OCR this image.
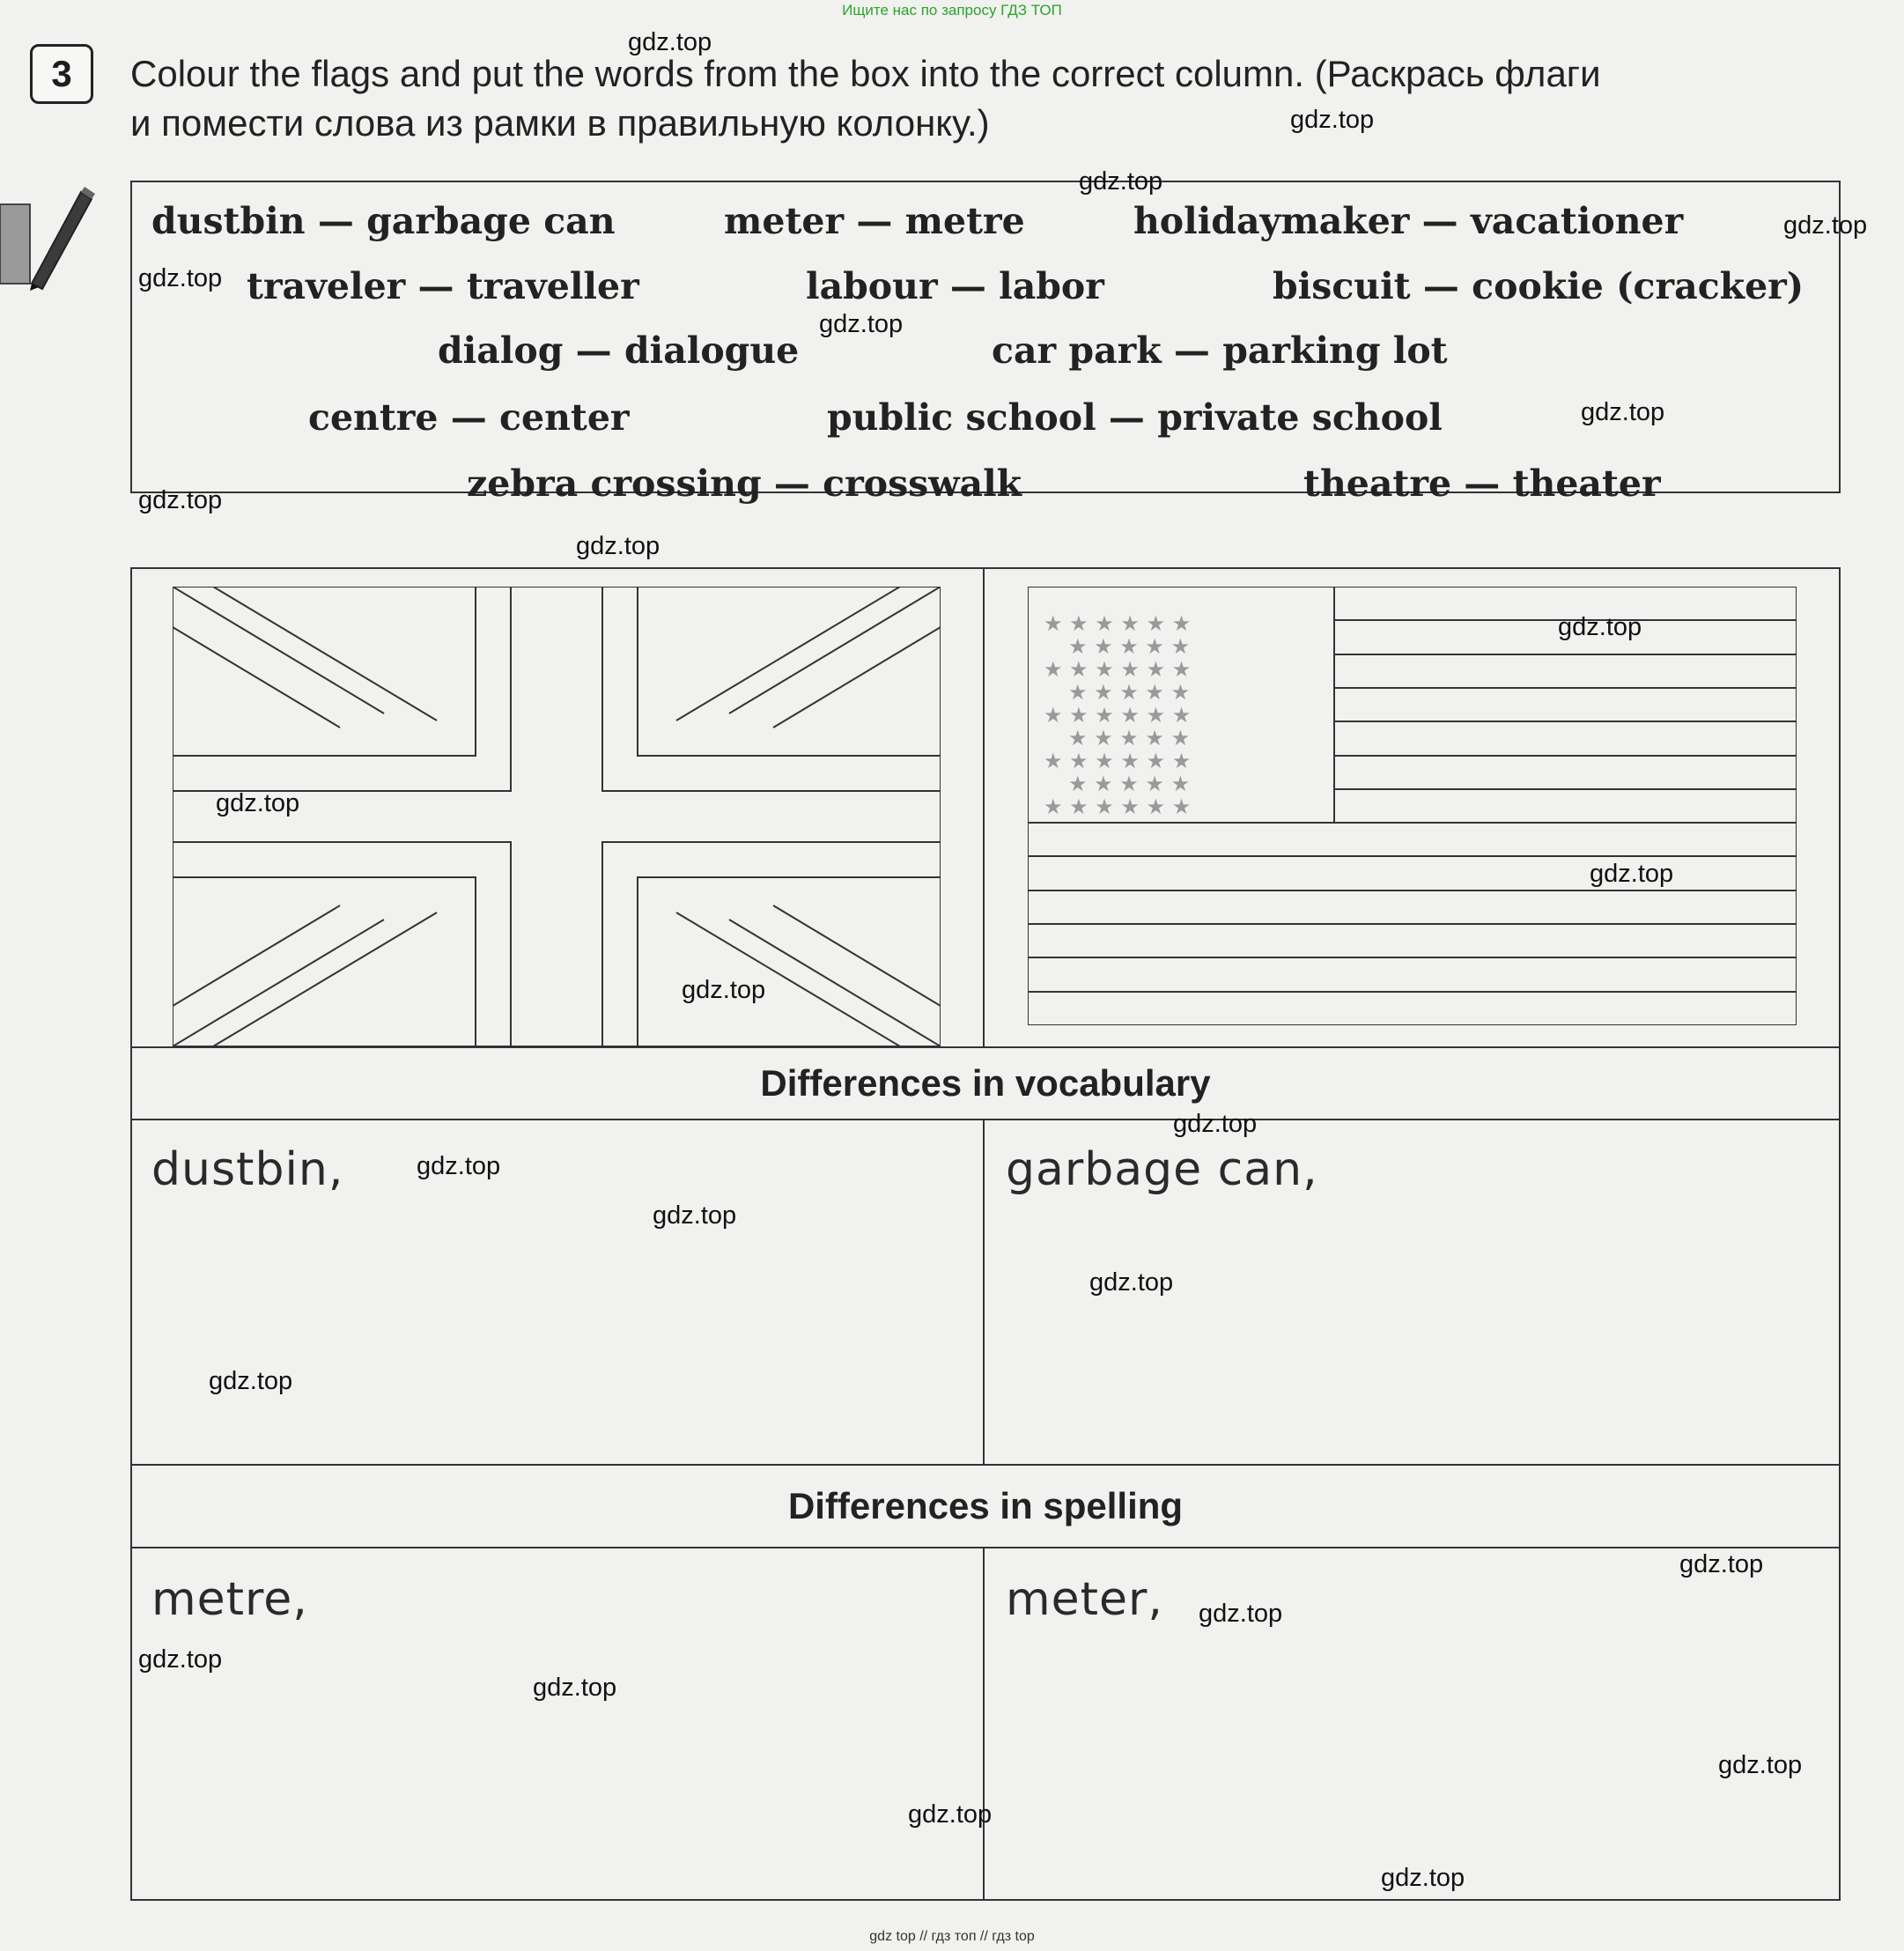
Ищите нас по запросу ГДЗ ТОП
3	Colour the flags and put the words from the box into the correct column. (Раскрась флаги
и помести слова из рамки в правильную колонку.)
dustbin — garbage can	meter — metre	holidaymaker — vacationer
traveler — traveller	labour — labor	biscuit — cookie (cracker)
dialog — dialogue	car park — parking lot
centre — center	public school — private school
zebra crossing — crosswalk	theatre — theater
★ ★ ★ ★ ★ ★
★ ★ ★ ★ ★
★ ★ ★ ★ ★ ★
★ ★ ★ ★ ★
★ ★ ★ ★ ★ ★
★ ★ ★ ★ ★
★ ★ ★ ★ ★ ★
★ ★ ★ ★ ★
★ ★ ★ ★ ★ ★
Differences in vocabulary
Differences in spelling
dustbin,	garbage can,
metre,	meter,
gdz.top
gdz.top
gdz.top
gdz.top
gdz.top
gdz.top
gdz.top
gdz.top
gdz.top
gdz.top
gdz.top
gdz.top
gdz.top
gdz.top
gdz.top
gdz.top
gdz.top
gdz.top
gdz.top
gdz.top
gdz.top
gdz.top
gdz.top
gdz.top
gdz.top
gdz top // гдз топ // гдз top
